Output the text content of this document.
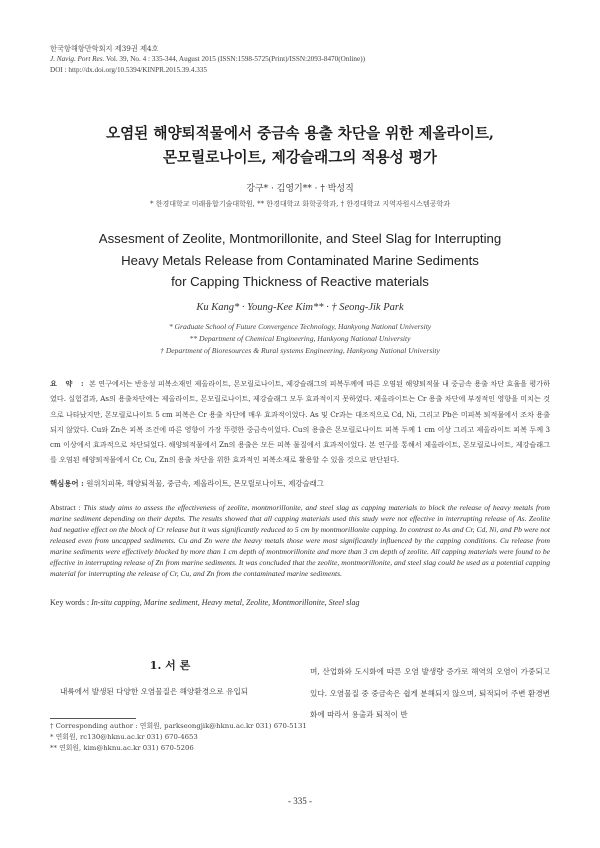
한국항해항만학회지 제39권 제4호
J. Navig. Port Res. Vol. 39, No. 4 : 335-344, August 2015 (ISSN:1598-5725(Print)/ISSN:2093-8470(Online))
DOI : http://dx.doi.org/10.5394/KINPR.2015.39.4.335
오염된 해양퇴적물에서 중금속 용출 차단을 위한 제올라이트,
몬모릴로나이트, 제강슬래그의 적용성 평가
강구* · 김영기** · † 박성직
* 한경대학교 미래융합기술대학원, ** 한경대학교 화학공학과, † 한경대학교 지역자원시스템공학과
Assesment of Zeolite, Montmorillonite, and Steel Slag for Interrupting
Heavy Metals Release from Contaminated Marine Sediments
for Capping Thickness of Reactive materials
Ku Kang* · Young-Kee Kim** · † Seong-Jik Park
* Graduate School of Future Convergence Technology, Hankyong National University
** Department of Chemical Engineering, Hankyong National University
† Department of Bioresources & Rural systems Engineering, Hankyong National University
요 약 : 본 연구에서는 반응성 피복소재인 제올라이트, 몬모릴로나이트, 제강슬래그의 피복두께에 따른 오염된 해양퇴적물 내 중금속 용출 차단 효율을 평가하였다. 실험결과, As의 용출차단에는 제올라이트, 몬모릴로나이트, 제강슬래그 모두 효과적이지 못하였다. 제올라이트는 Cr 용출 차단에 부정적인 영향을 미치는 것으로 나타났지만, 몬모릴로나이트 5 cm 피복은 Cr 용출 차단에 매우 효과적이었다. As 및 Cr과는 대조적으로 Cd, Ni, 그리고 Pb은 미피복 퇴적물에서 조차 용출되지 않았다. Cu와 Zn은 피복 조건에 따른 영향이 가장 뚜렷한 중금속이었다. Cu의 용출은 몬모릴로나이트 피복 두께 1 cm 이상 그리고 제올라이트 피복 두께 3 cm 이상에서 효과적으로 차단되었다. 해양퇴적물에서 Zn의 용출은 모든 피복 물질에서 효과적이었다. 본 연구를 통해서 제올라이트, 몬모릴로나이트, 제강슬래그를 오염된 해양퇴적물에서 Cr, Cu, Zn의 용출 차단을 위한 효과적인 피복소재로 활용할 수 있을 것으로 판단된다.
핵심용어 : 원위치피복, 해양퇴적물, 중금속, 제올라이트, 몬모릴로나이트, 제강슬래그
Abstract : This study aims to assess the effectiveness of zeolite, montmorillonite, and steel slag as capping materials to block the release of heavy metals from marine sediment depending on their depths. The results showed that all capping materials used this study were not effective in interrupting release of As. Zeolite had negative effect on the block of Cr release but it was significantly reduced to 5 cm by montmorillonite capping. In contrast to As and Cr, Cd, Ni, and Pb were not released even from uncapped sediments. Cu and Zn were the heavy metals those were most significantly influenced by the capping conditions. Cu release from marine sediments were effectively blocked by more than 1 cm depth of montmorillonite and more than 3 cm depth of zeolite. All capping materials were found to be effective in interrupting release of Zn from marine sediments. It was concluded that the zeolite, montmorillonite, and steel slag could be used as a potential capping material for interrupting the release of Cr, Cu, and Zn from the contaminated marine sediments.
Key words : In-situ capping, Marine sediment, Heavy metal, Zeolite, Montmorillonite, Steel slag
1. 서 론
내륙에서 발생된 다양한 오염물질은 해양환경으로 유입되
며, 산업화와 도시화에 따른 오염 발생량 증가로 해역의 오염이 가중되고 있다. 오염물질 중 중금속은 쉽게 분해되지 않으며, 퇴적되어 주변 환경변화에 따라서 용출과 퇴적이 반
† Corresponding author : 연회원, parkseongjik@hknu.ac.kr 031) 670-5131
* 연회원, rc130@hknu.ac.kr 031) 670-4653
** 연회원, kim@hknu.ac.kr 031) 670-5206
- 335 -
